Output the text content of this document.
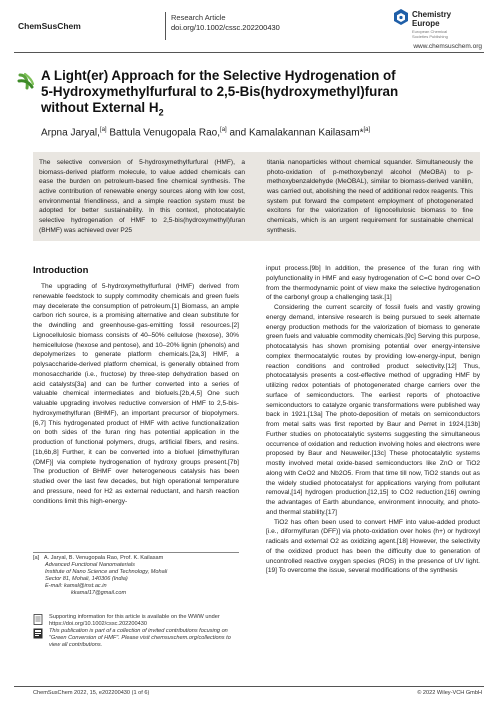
ChemSusChem
Research Article
doi.org/10.1002/cssc.202200430
Chemistry
Europe
European Chemical
Societies Publishing
www.chemsuschem.org
A Light(er) Approach for the Selective Hydrogenation of
5-Hydroxymethylfurfural to 2,5-Bis(hydroxymethyl)furan
without External $H_2$
Arpna Jaryal,[a] Battula Venugopala Rao,[a] and Kamalakannan Kailasam*[a]
The selective conversion of 5-hydroxymethylfurfural (HMF), a biomass-derived platform molecule, to value added chemicals can ease the burden on petroleum-based fine chemical synthesis. The active contribution of renewable energy sources along with low cost, environmental friendliness, and a simple reaction system must be adopted for better sustainability. In this context, photocatalytic selective hydrogenation of HMF to 2,5-bis(hydroxymethyl)furan (BHMF) was achieved over P25
titania nanoparticles without chemical squander. Simultaneously the photo-oxidation of p-methoxybenzyl alcohol (MeOBA) to p-methoxybenzaldehyde (MeOBAL), similar to biomass-derived vanillin, was carried out, abolishing the need of additional redox reagents. This system put forward the competent employment of photogenerated excitons for the valorization of lignocellulosic biomass to fine chemicals, which is an urgent requirement for sustainable chemical synthesis.
Introduction
The upgrading of 5-hydroxymethylfurfural (HMF) derived from renewable feedstock to supply commodity chemicals and green fuels may decelerate the consumption of petroleum.[1] Biomass, an ample carbon rich source, is a promising alternative and clean substitute for the dwindling and greenhouse-gas-emitting fossil resources.[2] Lignocellulosic biomass consists of 40–50% cellulose (hexose), 30% hemicellulose (hexose and pentose), and 10–20% lignin (phenols) and depolymerizes to generate platform chemicals.[2a,3] HMF, a polysaccharide-derived platform chemical, is generally obtained from monosaccharide (i.e., fructose) by three-step dehydration based on acid catalysts[3a] and can be further converted into a series of valuable chemical intermediates and biofuels.[2b,4,5] One such valuable upgrading involves reductive conversion of HMF to 2,5-bis-hydroxymethylfuran (BHMF), an important precursor of biopolymers.[6,7] This hydrogenated product of HMF with active functionalization on both sides of the furan ring has potential application in the production of functional polymers, drugs, artificial fibers, and resins.[1b,6b,8] Further, it can be converted into a biofuel [dimethylfuran (DMF)] via complete hydrogenation of hydroxy groups present.[7b] The production of BHMF over heterogeneous catalysis has been studied over the last few decades, but high operational temperature and pressure, need for H2 as external reductant, and harsh reaction conditions limit this high-energy-
input process.[9b] In addition, the presence of the furan ring with polyfunctionality in HMF and easy hydrogenation of C=C bond over C=O from the thermodynamic point of view make the selective hydrogenation of the carbonyl group a challenging task.[1]
Considering the current scarcity of fossil fuels and vastly growing energy demand, intensive research is being pursued to seek alternate energy production methods for the valorization of biomass to generate green fuels and valuable commodity chemicals.[9c] Serving this purpose, photocatalysis has shown promising potential over energy-intensive complex thermocatalytic routes by providing low-energy-input, benign reaction conditions and controlled product selectivity.[12] Thus, photocatalysis presents a cost-effective method of upgrading HMF by utilizing redox potentials of photogenerated charge carriers over the surface of semiconductors. The earliest reports of photoactive semiconductors to catalyze organic transformations were published way back in 1921.[13a] The photo-deposition of metals on semiconductors from metal salts was first reported by Baur and Perret in 1924.[13b] Further studies on photocatalytic systems suggesting the simultaneous occurrence of oxidation and reduction involving holes and electrons were proposed by Baur and Neuweiler.[13c] These photocatalytic systems mostly involved metal oxide-based semiconductors like ZnO or TiO2 along with CeO2 and Nb2O5. From that time till now, TiO2 stands out as the widely studied photocatalyst for applications varying from pollutant removal,[14] hydrogen production,[12,15] to CO2 reduction,[16] owning the advantages of Earth abundance, environment innocuity, and photo- and thermal stability.[17]
TiO2 has often been used to convert HMF into value-added product [i.e., diformylfuran (DFF)] via photo-oxidation over holes (h+) or hydroxyl radicals and external O2 as oxidizing agent.[18] However, the selectivity of the oxidized product has been the difficulty due to generation of uncontrolled reactive oxygen species (ROS) in the presence of UV light.[19] To overcome the issue, several modifications of the synthesis
[a] A. Jaryal, B. Venugopala Rao, Prof. K. Kailasam
Advanced Functional Nanomaterials
Institute of Nano Science and Technology, Mohali
Sector 81, Mohali, 140306 (India)
E-mail: kamal@inst.ac.in
kkamal17@gmail.com
Supporting information for this article is available on the WWW under https://doi.org/10.1002/cssc.202200430
This publication is part of a collection of invited contributions focusing on "Green Conversion of HMF". Please visit chemsuschem.org/collections to view all contributions.
ChemSusChem 2022, 15, e202200430 (1 of 6)	© 2022 Wiley-VCH GmbH
